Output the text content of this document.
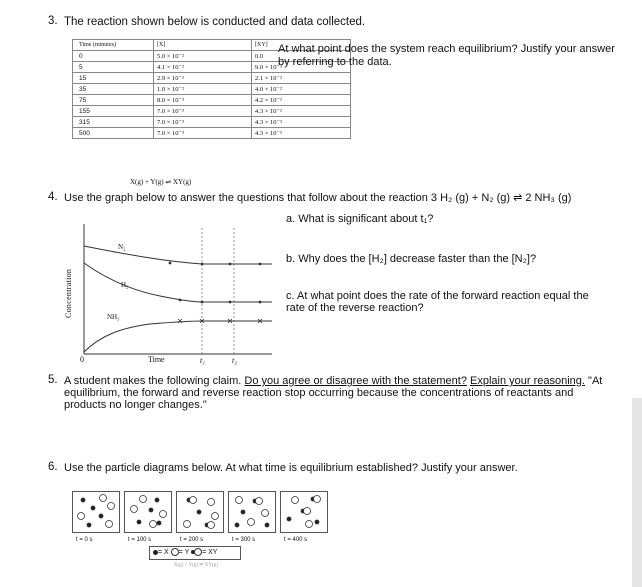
3. The reaction shown below is conducted and data collected.
Time (minutes)	[X]	[XY]
0	5.0 × 10⁻²	0.0
5	4.1 × 10⁻²	9.0 × 10⁻³
15	2.9 × 10⁻²	2.1 × 10⁻²
35	1.0 × 10⁻²	4.0 × 10⁻²
75	8.0 × 10⁻³	4.2 × 10⁻²
155	7.0 × 10⁻³	4.3 × 10⁻²
315	7.0 × 10⁻³	4.3 × 10⁻²
500	7.0 × 10⁻³	4.3 × 10⁻²
At what point does the system reach equilibrium? Justify your answer
by referring to the data.
X(g) + Y(g) ⇌ XY(g)
4. Use the graph below to answer the questions that follow about the reaction 3 H₂ (g) + N₂ (g) ⇌ 2 NH₃ (g)
a. What is significant about t₁?
b. Why does the [H₂] decrease faster than the [N₂]?
c. At what point does the rate of the forward reaction equal the
rate of the reverse reaction?
Concentration
Time
0	t₁	t₂
N₂
H₂
NH₃
5. A student makes the following claim. Do you agree or disagree with the statement? Explain your reasoning. "At
equilibrium, the forward and reverse reaction stop occurring because the concentrations of reactants and
products no longer changes."
6. Use the particle diagrams below. At what time is equilibrium established? Justify your answer.
t = 0 s	t = 100 s	t = 200 s	t = 300 s	t = 400 s
= X = Y = XY
X(g) + Y(g) ⇌ XY(g)
